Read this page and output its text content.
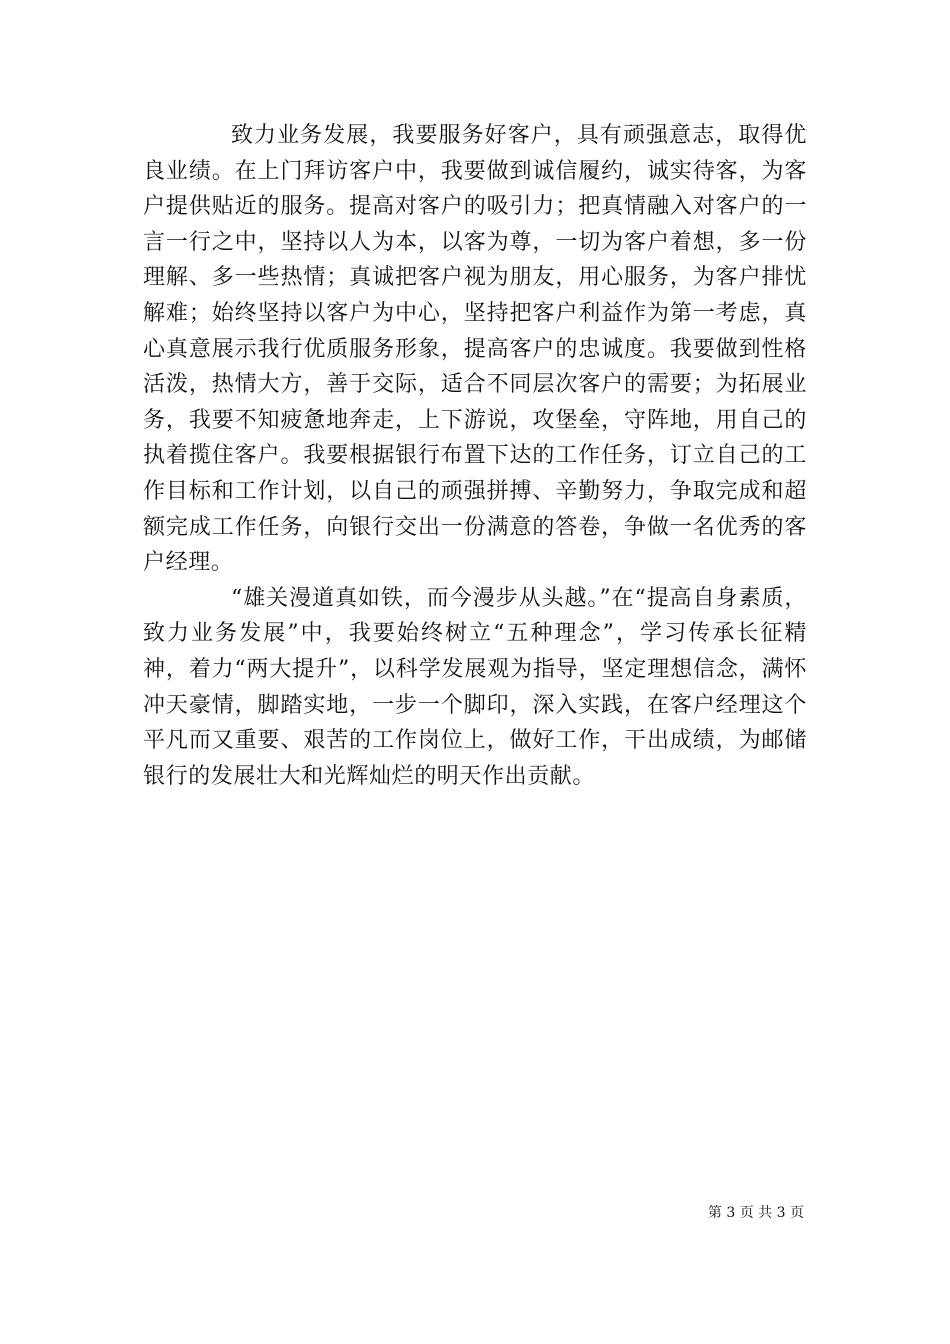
致力业务发展，我要服务好客户，具有顽强意志，取得优良业绩。在上门拜访客户中，我要做到诚信履约，诚实待客，为客户提供贴近的服务。提高对客户的吸引力；把真情融入对客户的一言一行之中，坚持以人为本，以客为尊，一切为客户着想，多一份理解、多一些热情；真诚把客户视为朋友，用心服务，为客户排忧解难；始终坚持以客户为中心，坚持把客户利益作为第一考虑，真心真意展示我行优质服务形象，提高客户的忠诚度。我要做到性格活泼，热情大方，善于交际，适合不同层次客户的需要；为拓展业务，我要不知疲惫地奔走，上下游说，攻堡垒，守阵地，用自己的执着揽住客户。我要根据银行布置下达的工作任务，订立自己的工作目标和工作计划，以自己的顽强拼搏、辛勤努力，争取完成和超额完成工作任务，向银行交出一份满意的答卷，争做一名优秀的客户经理。

“雄关漫道真如铁，而今漫步从头越。”在“提高自身素质，致力业务发展”中，我要始终树立“五种理念”，学习传承长征精神，着力“两大提升”，以科学发展观为指导，坚定理想信念，满怀冲天豪情，脚踏实地，一步一个脚印，深入实践，在客户经理这个平凡而又重要、艰苦的工作岗位上，做好工作，干出成绩，为邮储银行的发展壮大和光辉灿烂的明天作出贡献。

第 3 页 共 3 页
